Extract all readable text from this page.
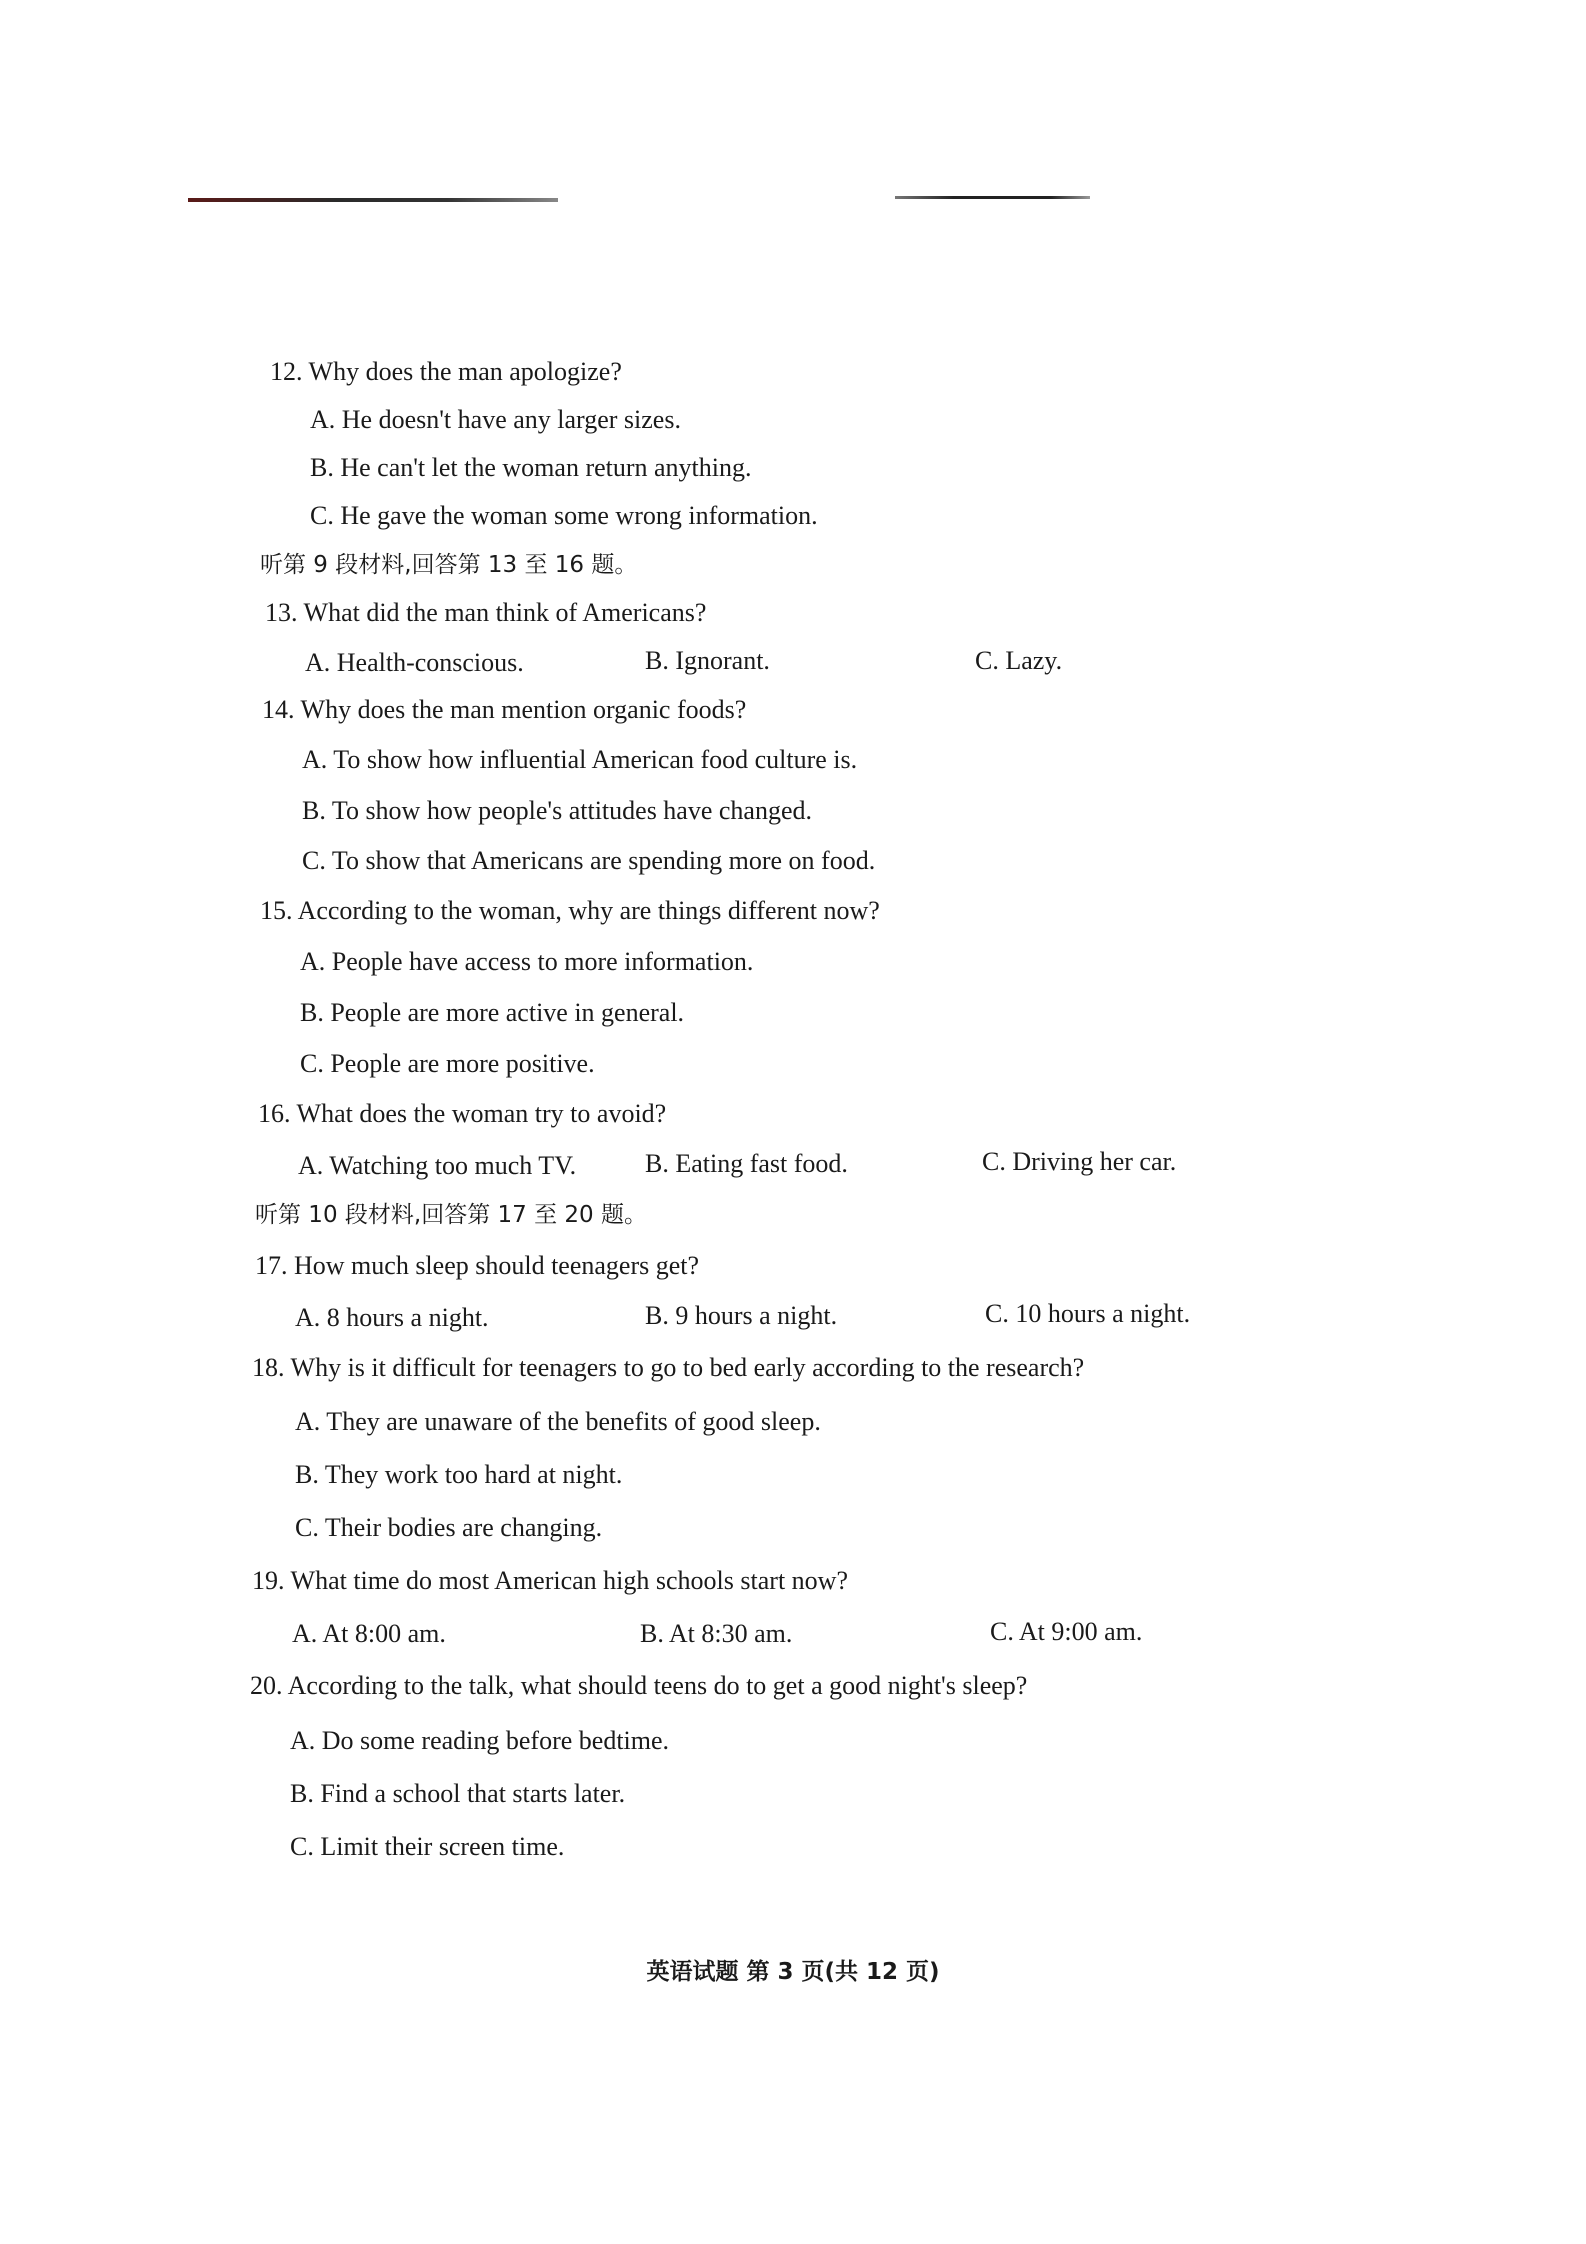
12. Why does the man apologize?
A. He doesn't have any larger sizes.
B. He can't let the woman return anything.
C. He gave the woman some wrong information.
听第 9 段材料,回答第 13 至 16 题。
13. What did the man think of Americans?
A. Health-conscious.	B. Ignorant.	C. Lazy.
14. Why does the man mention organic foods?
A. To show how influential American food culture is.
B. To show how people's attitudes have changed.
C. To show that Americans are spending more on food.
15. According to the woman, why are things different now?
A. People have access to more information.
B. People are more active in general.
C. People are more positive.
16. What does the woman try to avoid?
A. Watching too much TV.	B. Eating fast food.	C. Driving her car.
听第 10 段材料,回答第 17 至 20 题。
17. How much sleep should teenagers get?
A. 8 hours a night.	B. 9 hours a night.	C. 10 hours a night.
18. Why is it difficult for teenagers to go to bed early according to the research?
A. They are unaware of the benefits of good sleep.
B. They work too hard at night.
C. Their bodies are changing.
19. What time do most American high schools start now?
A. At 8:00 am.	B. At 8:30 am.	C. At 9:00 am.
20. According to the talk, what should teens do to get a good night's sleep?
A. Do some reading before bedtime.
B. Find a school that starts later.
C. Limit their screen time.
英语试题 第 3 页(共 12 页)
